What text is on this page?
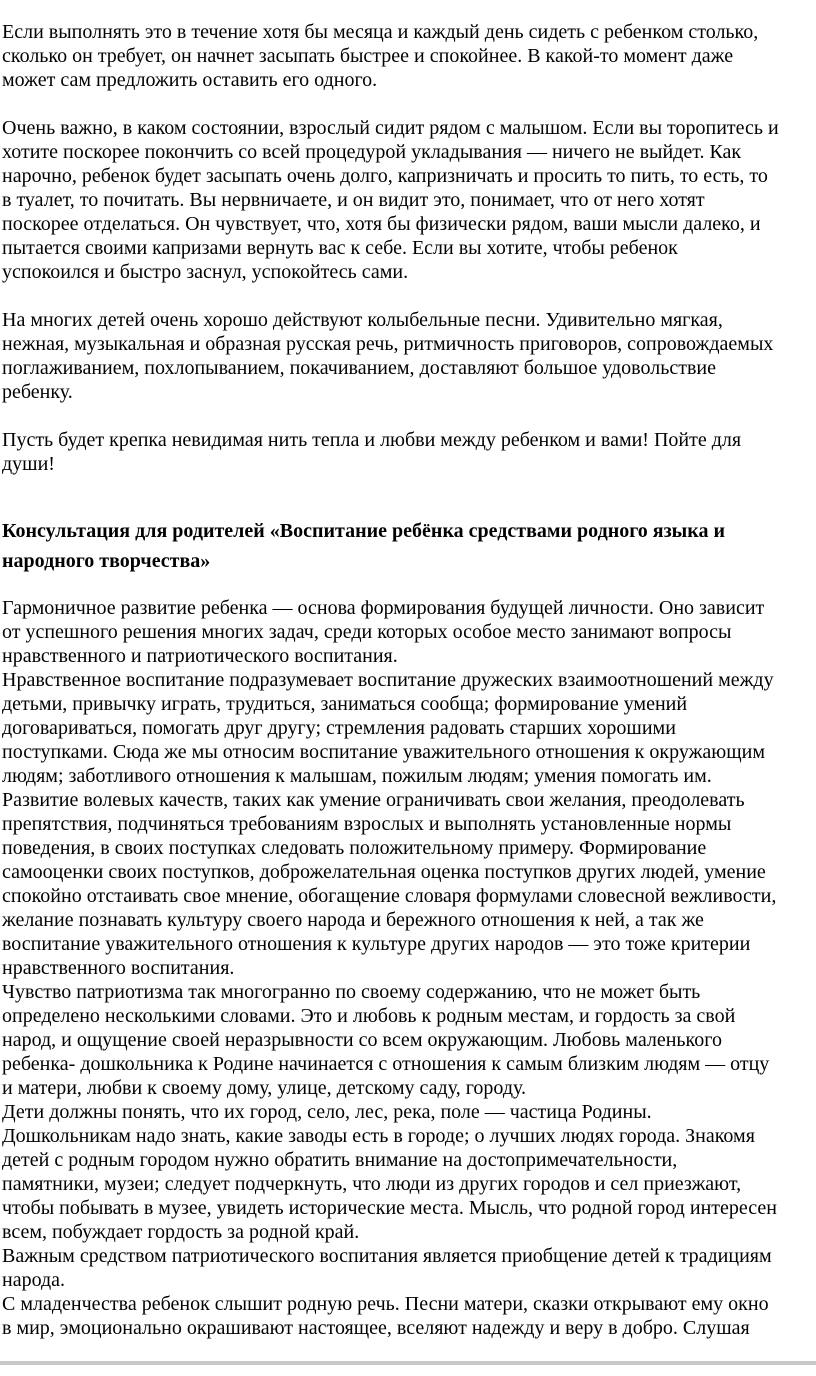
Если выполнять это в течение хотя бы месяца и каждый день сидеть с ребенком столько,
сколько он требует, он начнет засыпать быстрее и спокойнее. В какой-то момент даже
может сам предложить оставить его одного.

Очень важно, в каком состоянии, взрослый сидит рядом с малышом. Если вы торопитесь и
хотите поскорее покончить со всей процедурой укладывания — ничего не выйдет. Как
нарочно, ребенок будет засыпать очень долго, капризничать и просить то пить, то есть, то
в туалет, то почитать. Вы нервничаете, и он видит это, понимает, что от него хотят
поскорее отделаться. Он чувствует, что, хотя бы физически рядом, ваши мысли далеко, и
пытается своими капризами вернуть вас к себе. Если вы хотите, чтобы ребенок
успокоился и быстро заснул, успокойтесь сами.

На многих детей очень хорошо действуют колыбельные песни. Удивительно мягкая,
нежная, музыкальная и образная русская речь, ритмичность приговоров, сопровождаемых
поглаживанием, похлопыванием, покачиванием, доставляют большое удовольствие
ребенку.

Пусть будет крепка невидимая нить тепла и любви между ребенком и вами! Пойте для
души!

Консультация для родителей «Воспитание ребёнка средствами родного языка и
народного творчества»

Гармоничное развитие ребенка — основа формирования будущей личности. Оно зависит
от успешного решения многих задач, среди которых особое место занимают вопросы
нравственного и патриотического воспитания.

Нравственное воспитание подразумевает воспитание дружеских взаимоотношений между
детьми, привычку играть, трудиться, заниматься сообща; формирование умений
договариваться, помогать друг другу; стремления радовать старших хорошими
поступками. Сюда же мы относим воспитание уважительного отношения к окружающим
людям; заботливого отношения к малышам, пожилым людям; умения помогать им.
Развитие волевых качеств, таких как умение ограничивать свои желания, преодолевать
препятствия, подчиняться требованиям взрослых и выполнять установленные нормы
поведения, в своих поступках следовать положительному примеру. Формирование
самооценки своих поступков, доброжелательная оценка поступков других людей, умение
спокойно отстаивать свое мнение, обогащение словаря формулами словесной вежливости,
желание познавать культуру своего народа и бережного отношения к ней, а так же
воспитание уважительного отношения к культуре других народов — это тоже критерии
нравственного воспитания.

Чувство патриотизма так многогранно по своему содержанию, что не может быть
определено несколькими словами. Это и любовь к родным местам, и гордость за свой
народ, и ощущение своей неразрывности со всем окружающим. Любовь маленького
ребенка- дошкольника к Родине начинается с отношения к самым близким людям — отцу
и матери, любви к своему дому, улице, детскому саду, городу.

Дети должны понять, что их город, село, лес, река, поле — частица Родины.

Дошкольникам надо знать, какие заводы есть в городе; о лучших людях города. Знакомя
детей с родным городом нужно обратить внимание на достопримечательности,
памятники, музеи; следует подчеркнуть, что люди из других городов и сел приезжают,
чтобы побывать в музее, увидеть исторические места. Мысль, что родной город интересен
всем, побуждает гордость за родной край.

Важным средством патриотического воспитания является приобщение детей к традициям
народа.

С младенчества ребенок слышит родную речь. Песни матери, сказки открывают ему окно
в мир, эмоционально окрашивают настоящее, вселяют надежду и веру в добро. Слушая
